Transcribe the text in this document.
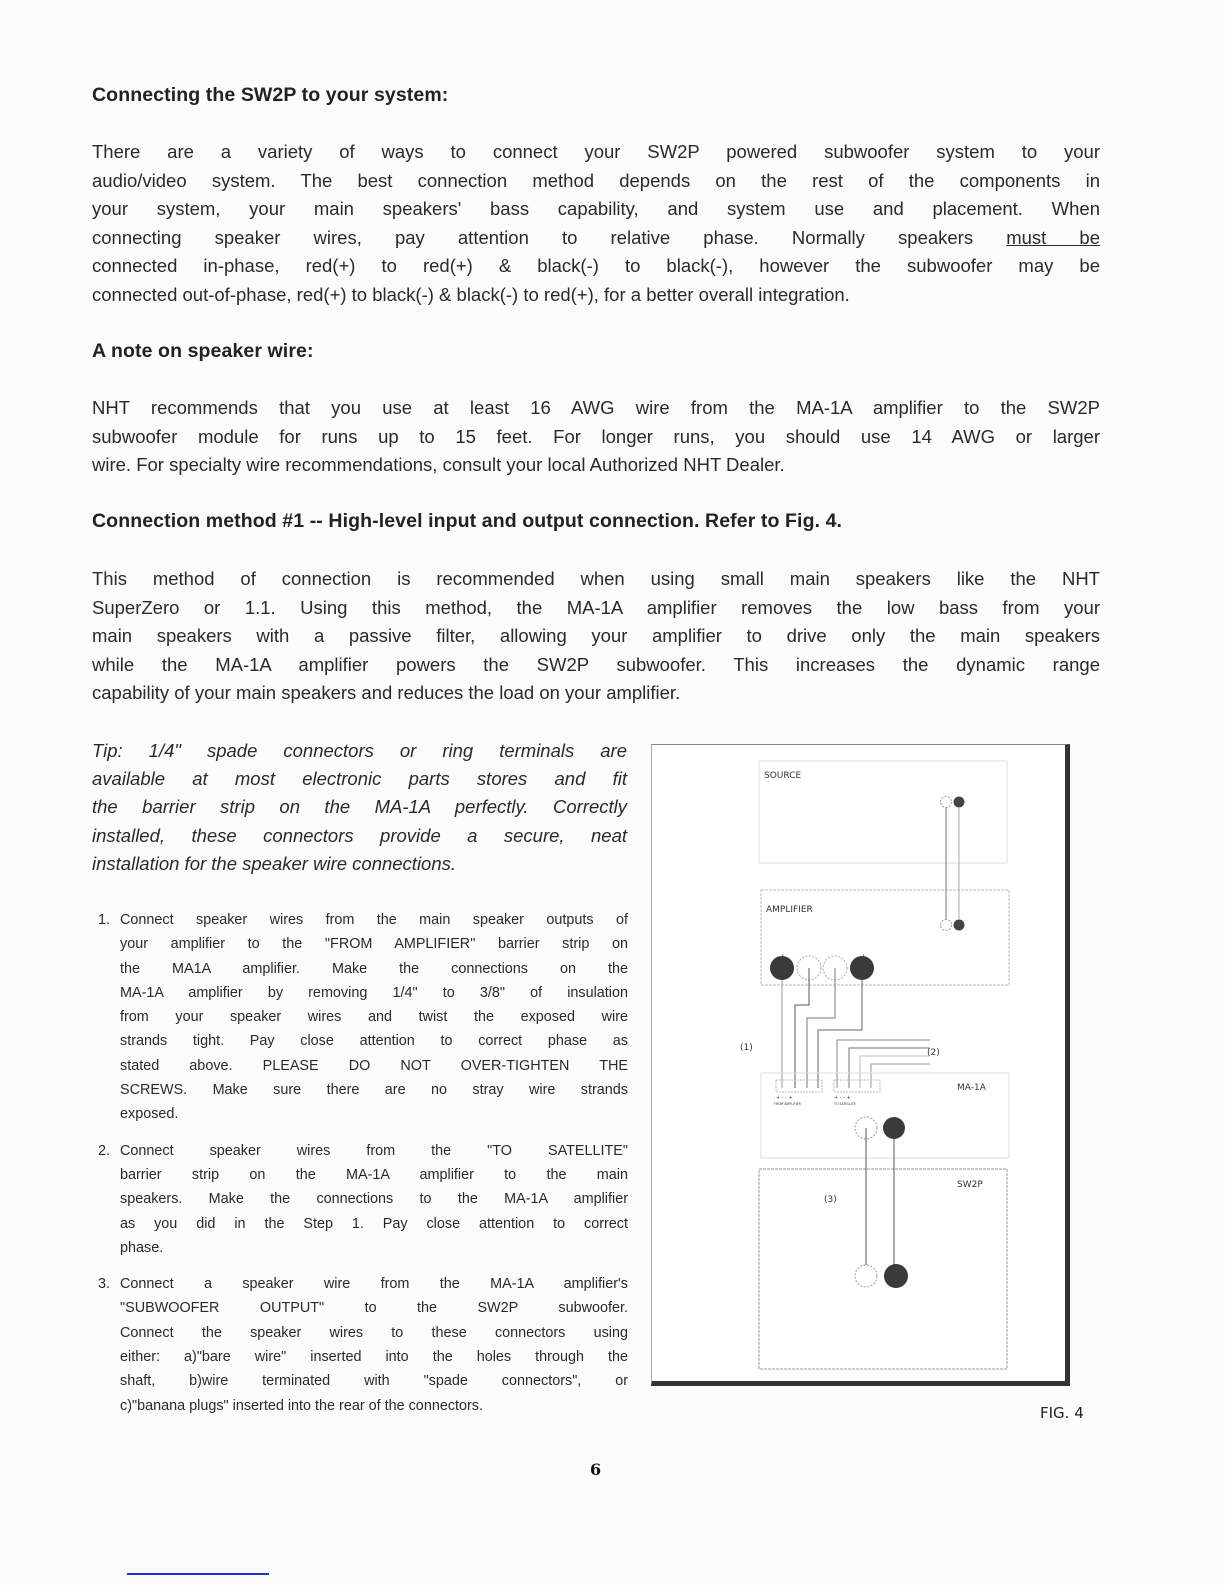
Connecting the SW2P to your system:
There are a variety of ways to connect your SW2P powered subwoofer system to your
audio/video system. The best connection method depends on the rest of the components in
your system, your main speakers' bass capability, and system use and placement. When
connecting speaker wires, pay attention to relative phase. Normally speakers must be
connected in-phase, red(+) to red(+) & black(-) to black(-), however the subwoofer may be
connected out-of-phase, red(+) to black(-) & black(-) to red(+), for a better overall integration.
A note on speaker wire:
NHT recommends that you use at least 16 AWG wire from the MA-1A amplifier to the SW2P
subwoofer module for runs up to 15 feet. For longer runs, you should use 14 AWG or larger
wire. For specialty wire recommendations, consult your local Authorized NHT Dealer.
Connection method #1 -- High-level input and output connection. Refer to Fig. 4.
This method of connection is recommended when using small main speakers like the NHT
SuperZero or 1.1. Using this method, the MA-1A amplifier removes the low bass from your
main speakers with a passive filter, allowing your amplifier to drive only the main speakers
while the MA-1A amplifier powers the SW2P subwoofer. This increases the dynamic range
capability of your main speakers and reduces the load on your amplifier.
Tip: 1/4" spade connectors or ring terminals are
available at most electronic parts stores and fit
the barrier strip on the MA-1A perfectly. Correctly
installed, these connectors provide a secure, neat
installation for the speaker wire connections.
1. Connect speaker wires from the main speaker outputs of
your amplifier to the "FROM AMPLIFIER" barrier strip on
the MA1A amplifier. Make the connections on the
MA-1A amplifier by removing 1/4" to 3/8" of insulation
from your speaker wires and twist the exposed wire
strands tight. Pay close attention to correct phase as
stated above. PLEASE DO NOT OVER-TIGHTEN THE
SCREWS. Make sure there are no stray wire strands
exposed.
2. Connect speaker wires from the "TO SATELLITE"
barrier strip on the MA-1A amplifier to the main
speakers. Make the connections to the MA-1A amplifier
as you did in the Step 1. Pay close attention to correct
phase.
3. Connect a speaker wire from the MA-1A amplifier's
"SUBWOOFER OUTPUT" to the SW2P subwoofer.
Connect the speaker wires to these connectors using
either: a)"bare wire" inserted into the holes through the
shaft, b)wire terminated with "spade connectors", or
c)"banana plugs" inserted into the rear of the connectors.
SOURCE
AMPLIFIER
(1)	(2)
MA-1A
+ - - +	+ - - +
FROM AMPLIFIER	TO SATELLITE
SW2P
(3)
FIG. 4
6
